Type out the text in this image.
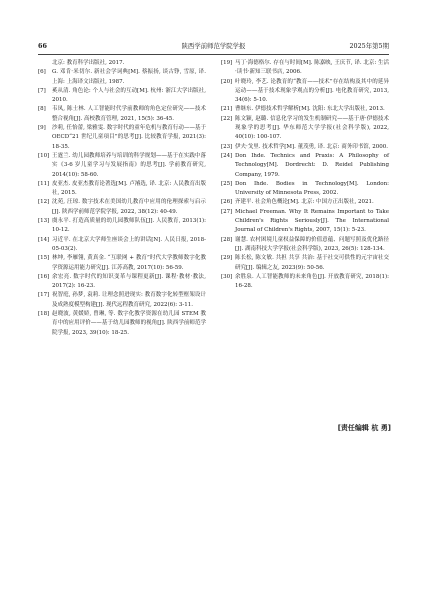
66	陕西学前师范学院学报	2025年第5期
北京: 教育科学出版社, 2017.
[6] G. 邓肯·米切尔. 新社会学词典[M]. 蔡振扬, 谈古铮, 雪原, 译. 上海: 上海译文出版社, 1987.
[7] 奚从清. 角色论: 个人与社会的互动[M]. 杭州: 浙江大学出版社, 2010.
[8] 韦凤, 陈士林. 人工智能时代学前教师的角色定位研究——技术整合视角[J]. 高校教育管理, 2021, 15(5): 36-45.
[9] 沙莉, 任怡蕾, 梁雅雯. 数字时代的童年危机与教育行动——基于 OECD“21 世纪儿童项目”的思考[J]. 比较教育学报, 2021(3): 18-35.
[10] 王霆兰. 幼儿园教师培养与培训的科学规划——基于在实践中落实《3-6 岁儿童学习与发展指南》的思考[J]. 学前教育研究, 2014(10): 58-60.
[11] 皮亚杰. 皮亚杰教育论著选[M]. 卢濬选, 译. 北京: 人民教育出版社, 2015.
[12] 沈苑, 汪琼. 数字技术在美国幼儿教育中应用的伦理探索与启示[J]. 陕西学前师范学院学报, 2022, 38(12): 40-49.
[13] 虞永平. 打造高质量的幼儿园教师队伍[J]. 人民教育, 2013(1): 10-12.
[14] 习近平. 在北京大学师生座谈会上的讲话[N]. 人民日报, 2018-05-03(2).
[15] 林坤, 李雁翎, 黄真金. “互联网 + 教育”时代大学教师数字化教学资源运用能力研究[J]. 江苏高教, 2017(10): 56-59.
[16] 余宏亮. 数字时代的知识变革与课程更新[J]. 课程·教材·教法, 2017(2): 16-23.
[17] 祝智庭, 孙梦, 袁莉. 让理念照进现实: 教育数字化转型框架设计及成熟度模型构建[J]. 现代远程教育研究, 2022(6): 3-11.
[18] 赵晓波, 黄媛娇, 曾琳, 等. 数字化教学资源在幼儿园 STEM 教育中的应用评价——基于幼儿园教师的视角[J]. 陕西学前师范学院学报, 2023, 39(10): 18-25.
[19] 马丁·海德格尔. 存在与时间[M]. 陈嘉映, 王庆节, 译. 北京: 生活·读书·新知三联书店, 2006.
[20] 叶晓玲, 李艺. 论教育的“教育——技术”存在结构及其中的延异运动——基于技术现象学观点的分析[J]. 电化教育研究, 2013, 34(6): 5-10.
[21] 曹继东. 伊德技术哲学解析[M]. 沈阳: 东北大学出版社, 2013.
[22] 陈文颖, 赵璐. 信息化学习的发生机制研究——基于唐·伊德技术现象学的思考[J]. 华东师范大学学报(社会科学版), 2022, 40(10): 100-107.
[23] 伊夫·戈里. 技术哲学[M]. 董茂勇, 译. 北京: 商务印书馆, 2000.
[24] Don Ihde. Technics and Praxis: A Philosophy of Technology[M]. Dordrecht: D. Reidel Publishing Company, 1979.
[25] Don Ihde. Bodies in Technology[M]. London: University of Minnesota Press, 2002.
[26] 齐建平. 社会角色概论[M]. 北京: 中国方正出版社, 2021.
[27] Michael Freeman. Why It Remains Important to Take Children's Rights Seriously[J]. The International Journal of Children's Rights, 2007, 15(1): 5-23.
[28] 谢慧. 农村困境儿童权益保障的价值意蕴、问题写照及优化路径[J]. 湖南科技大学学报(社会科学版), 2023, 26(5): 128-134.
[29] 陈长松, 陈文敏. 共担 共享 共治: 基于社交可供性的元宇宙社交研究[J]. 编辑之友, 2023(9): 50-56.
[30] 余胜泉. 人工智能教师的未来角色[J]. 开放教育研究, 2018(1): 16-28.
[责任编辑 杭 勇]
